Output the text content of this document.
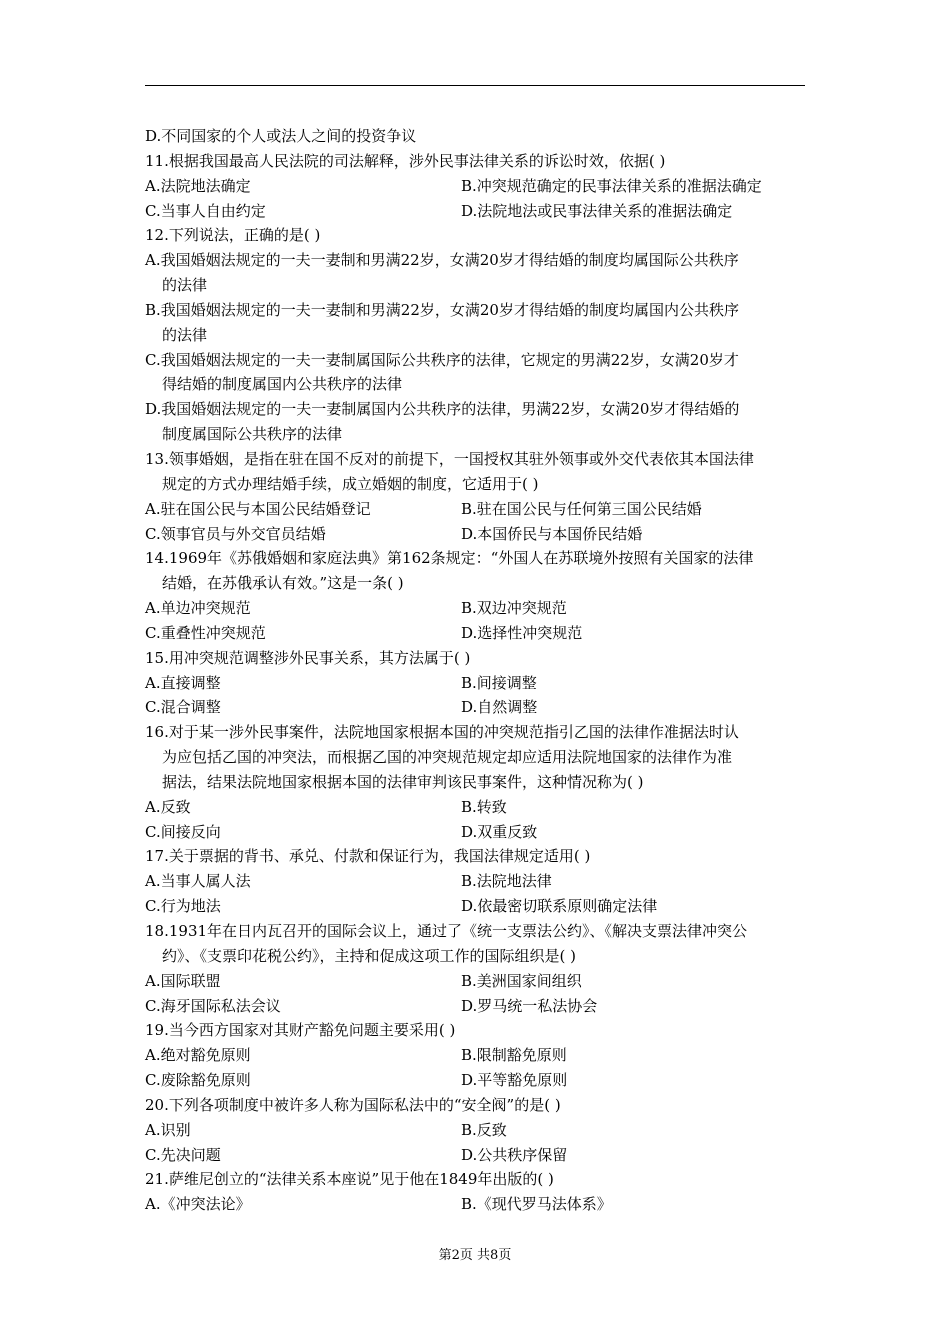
D.不同国家的个人或法人之间的投资争议
11.根据我国最高人民法院的司法解释，涉外民事法律关系的诉讼时效，依据( )
A.法院地法确定	B.冲突规范确定的民事法律关系的准据法确定
C.当事人自由约定	D.法院地法或民事法律关系的准据法确定
12.下列说法，正确的是( )
A.我国婚姻法规定的一夫一妻制和男满22岁，女满20岁才得结婚的制度均属国际公共秩序
的法律
B.我国婚姻法规定的一夫一妻制和男满22岁，女满20岁才得结婚的制度均属国内公共秩序
的法律
C.我国婚姻法规定的一夫一妻制属国际公共秩序的法律，它规定的男满22岁，女满20岁才
得结婚的制度属国内公共秩序的法律
D.我国婚姻法规定的一夫一妻制属国内公共秩序的法律，男满22岁，女满20岁才得结婚的
制度属国际公共秩序的法律
13.领事婚姻，是指在驻在国不反对的前提下，一国授权其驻外领事或外交代表依其本国法律
规定的方式办理结婚手续，成立婚姻的制度，它适用于( )
A.驻在国公民与本国公民结婚登记	B.驻在国公民与任何第三国公民结婚
C.领事官员与外交官员结婚	D.本国侨民与本国侨民结婚
14.1969年《苏俄婚姻和家庭法典》第162条规定：“外国人在苏联境外按照有关国家的法律
结婚，在苏俄承认有效。”这是一条( )
A.单边冲突规范	B.双边冲突规范
C.重叠性冲突规范	D.选择性冲突规范
15.用冲突规范调整涉外民事关系，其方法属于( )
A.直接调整	B.间接调整
C.混合调整	D.自然调整
16.对于某一涉外民事案件，法院地国家根据本国的冲突规范指引乙国的法律作准据法时认
为应包括乙国的冲突法，而根据乙国的冲突规范规定却应适用法院地国家的法律作为准
据法，结果法院地国家根据本国的法律审判该民事案件，这种情况称为( )
A.反致	B.转致
C.间接反向	D.双重反致
17.关于票据的背书、承兑、付款和保证行为，我国法律规定适用( )
A.当事人属人法	B.法院地法律
C.行为地法	D.依最密切联系原则确定法律
18.1931年在日内瓦召开的国际会议上，通过了《统一支票法公约》、《解决支票法律冲突公
约》、《支票印花税公约》，主持和促成这项工作的国际组织是( )
A.国际联盟	B.美洲国家间组织
C.海牙国际私法会议	D.罗马统一私法协会
19.当今西方国家对其财产豁免问题主要采用( )
A.绝对豁免原则	B.限制豁免原则
C.废除豁免原则	D.平等豁免原则
20.下列各项制度中被许多人称为国际私法中的“安全阀”的是( )
A.识别	B.反致
C.先决问题	D.公共秩序保留
21.萨维尼创立的“法律关系本座说”见于他在1849年出版的( )
A.《冲突法论》	B.《现代罗马法体系》
第2页 共8页
